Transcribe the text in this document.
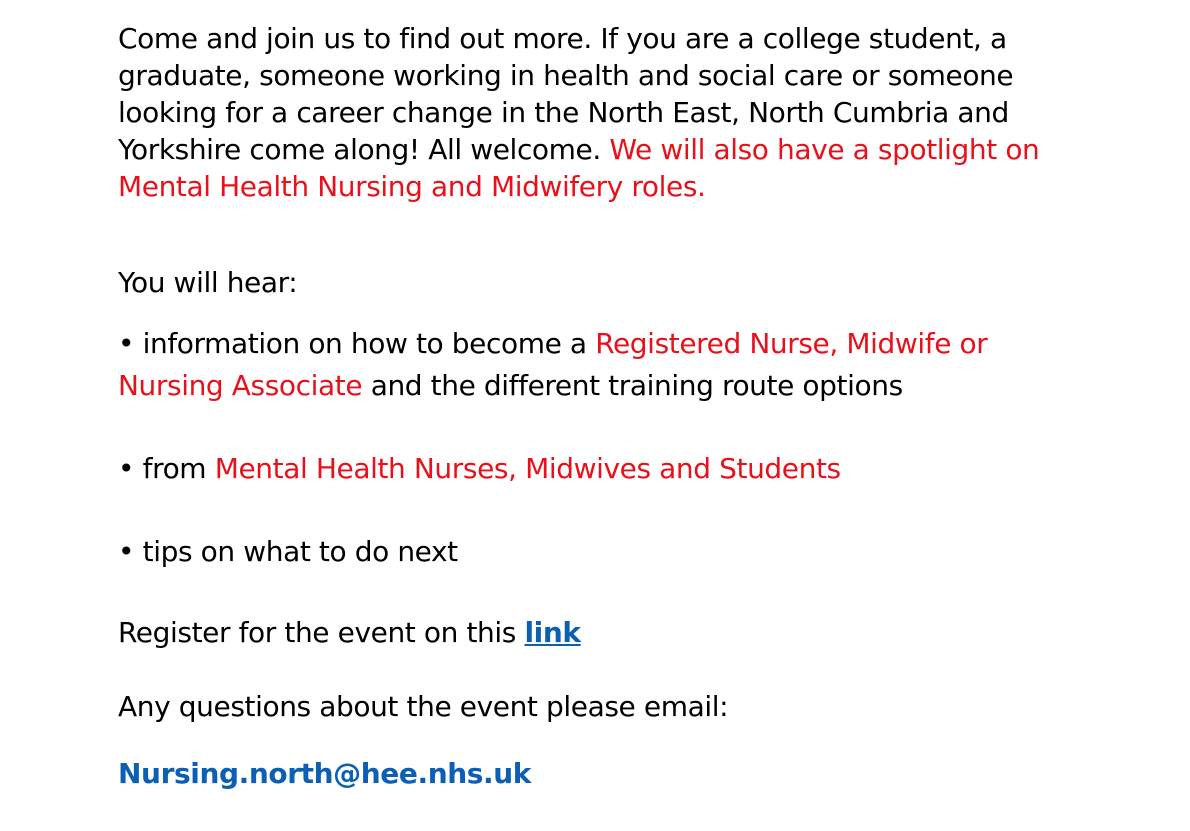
Come and join us to find out more. If you are a college student, a graduate, someone working in health and social care or someone looking for a career change in the North East, North Cumbria and Yorkshire come along! All welcome. We will also have a spotlight on Mental Health Nursing and Midwifery roles.

You will hear:

• information on how to become a Registered Nurse, Midwife or Nursing Associate and the different training route options

• from Mental Health Nurses, Midwives and Students

• tips on what to do next

Register for the event on this link

Any questions about the event please email:

Nursing.north@hee.nhs.uk
